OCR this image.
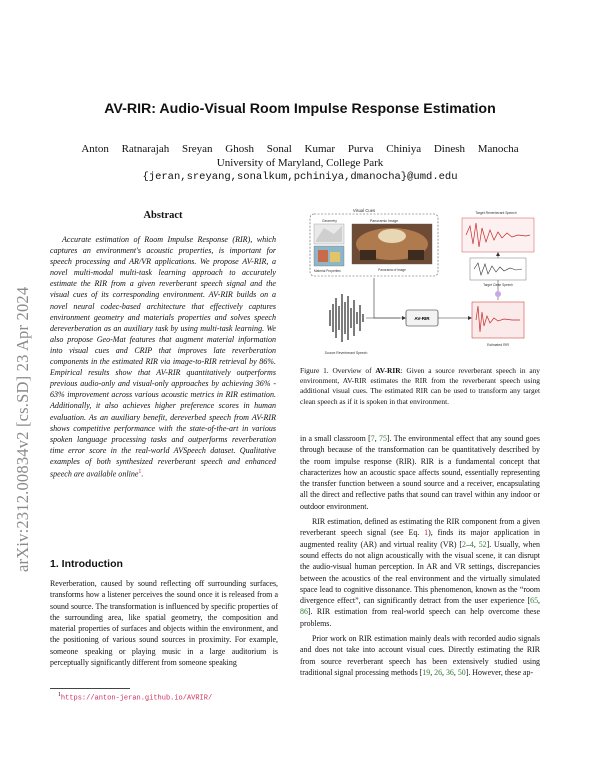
arXiv:2312.00834v2 [cs.SD] 23 Apr 2024
AV-RIR: Audio-Visual Room Impulse Response Estimation
Anton Ratnarajah Sreyan Ghosh Sonal Kumar Purva Chiniya Dinesh Manocha
University of Maryland, College Park
{jeran,sreyang,sonalkum,pchiniya,dmanocha}@umd.edu
Abstract

Accurate estimation of Room Impulse Response (RIR), which captures an environment's acoustic properties, is important for speech processing and AR/VR applications. We propose AV-RIR, a novel multi-modal multi-task learning approach to accurately estimate the RIR from a given reverberant speech signal and the visual cues of its corresponding environment. AV-RIR builds on a novel neural codec-based architecture that effectively captures environment geometry and materials properties and solves speech dereverberation as an auxiliary task by using multi-task learning. We also propose Geo-Mat features that augment material information into visual cues and CRIP that improves late reverberation components in the estimated RIR via image-to-RIR retrieval by 86%. Empirical results show that AV-RIR quantitatively outperforms previous audio-only and visual-only approaches by achieving 36% - 63% improvement across various acoustic metrics in RIR estimation. Additionally, it also achieves higher preference scores in human evaluation. As an auxiliary benefit, dereverbed speech from AV-RIR shows competitive performance with the state-of-the-art in various spoken language processing tasks and outperforms reverberation time error score in the real-world AVSpeech dataset. Qualitative examples of both synthesized reverberant speech and enhanced speech are available online$^1$.

1. Introduction

Reverberation, caused by sound reflecting off surrounding surfaces, transforms how a listener perceives the sound once it is released from a sound source. The transformation is influenced by specific properties of the surrounding area, like spatial geometry, the composition and material properties of surfaces and objects within the environment, and the positioning of various sound sources in proximity. For example, someone speaking or playing music in a large auditorium is perceptually significantly different from someone speaking

$^1$https://anton-jeran.github.io/AVRIR/
Visual Cues
Geometry
Material Properties
Panoramic Image
Panorama of image
Source Reverberant Speech
AV-RIR
Estimated RIR
Target Reverberant Speech
Target Clean Speech

Figure 1. Overview of AV-RIR: Given a source reverberant speech in any environment, AV-RIR estimates the RIR from the reverberant speech using additional visual cues. The estimated RIR can be used to transform any target clean speech as if it is spoken in that environment.

in a small classroom [7, 75]. The environmental effect that any sound goes through because of the transformation can be quantitatively described by the room impulse response (RIR). RIR is a fundamental concept that characterizes how an acoustic space affects sound, essentially representing the transfer function between a sound source and a receiver, encapsulating all the direct and reflective paths that sound can travel within any indoor or outdoor environment.

RIR estimation, defined as estimating the RIR component from a given reverberant speech signal (see Eq. 1), finds its major application in augmented reality (AR) and virtual reality (VR) [2–4, 52]. Usually, when sound effects do not align acoustically with the visual scene, it can disrupt the audio-visual human perception. In AR and VR settings, discrepancies between the acoustics of the real environment and the virtually simulated space lead to cognitive dissonance. This phenomenon, known as the “room divergence effect”, can significantly detract from the user experience [65, 86]. RIR estimation from real-world speech can help overcome these problems.

Prior work on RIR estimation mainly deals with recorded audio signals and does not take into account visual cues. Directly estimating the RIR from source reverberant speech has been extensively studied using traditional signal processing methods [19, 26, 36, 50]. However, these ap-
